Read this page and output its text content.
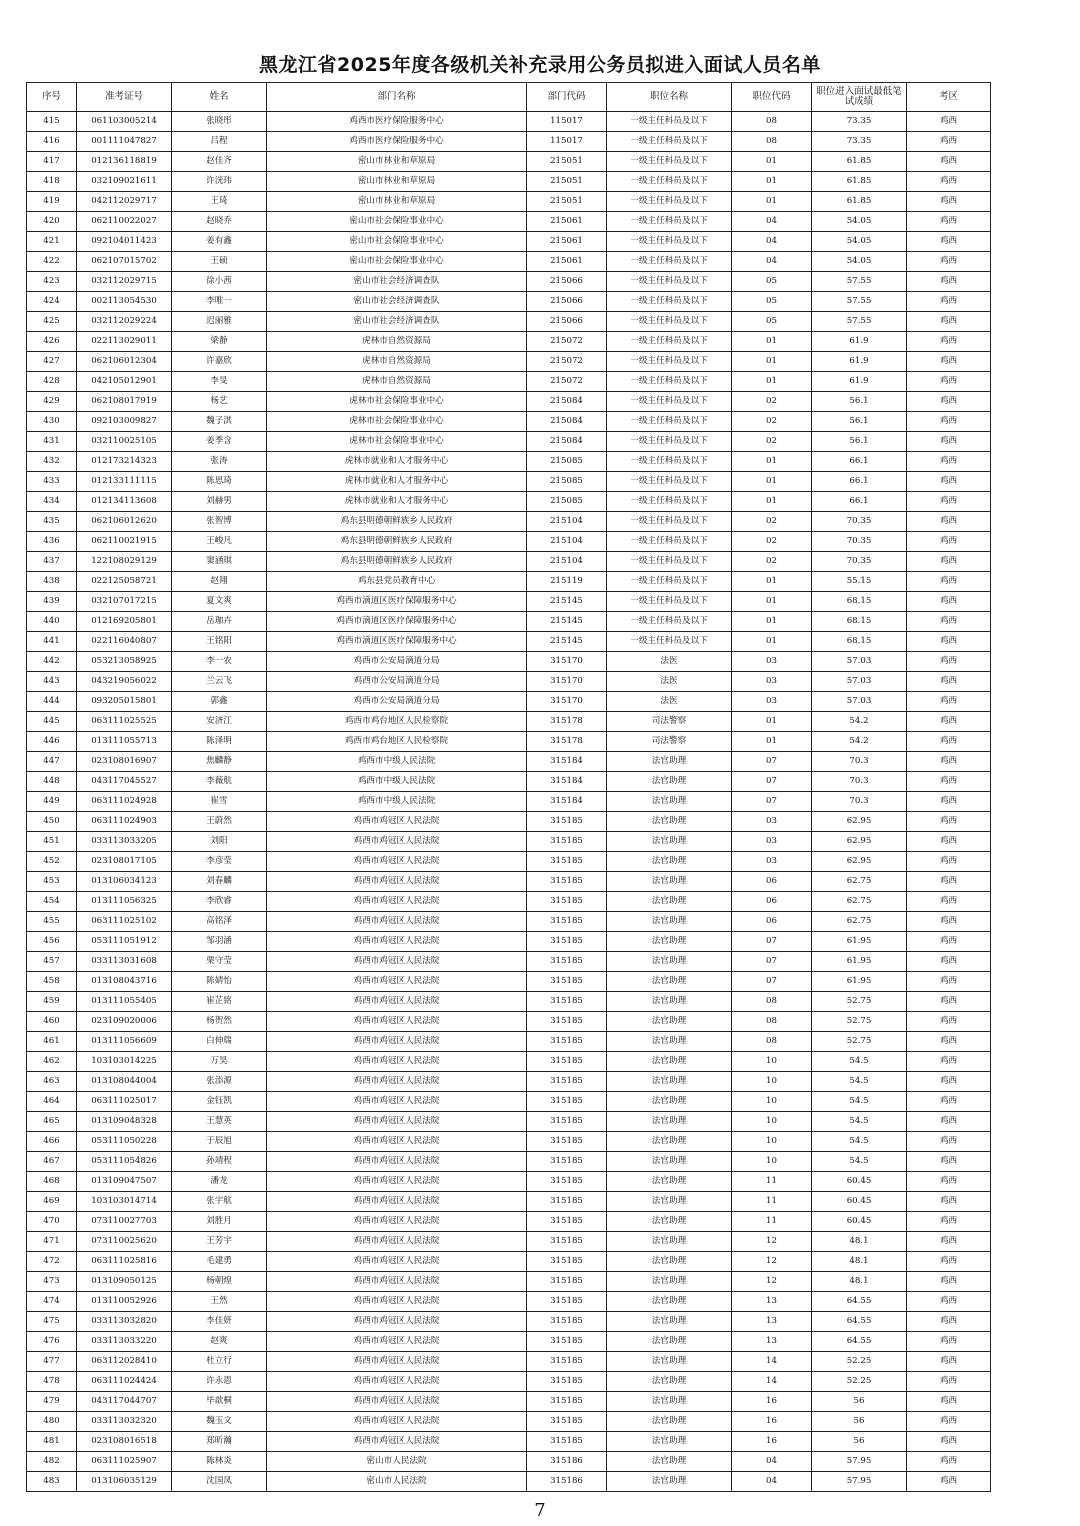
黑龙江省2025年度各级机关补充录用公务员拟进入面试人员名单
序号	准考证号	姓名	部门名称	部门代码	职位名称	职位代码	职位进入面试最低笔试成绩	考区
415	061103005214	张晓彤	鸡西市医疗保险服务中心	115017	一级主任科员及以下	08	73.35	鸡西
416	001111047827	吕程	鸡西市医疗保险服务中心	115017	一级主任科员及以下	08	73.35	鸡西
417	012136118819	赵佳齐	密山市林业和草原局	215051	一级主任科员及以下	01	61.85	鸡西
418	032109021611	许洸玮	密山市林业和草原局	215051	一级主任科员及以下	01	61.85	鸡西
419	042112029717	王琦	密山市林业和草原局	215051	一级主任科员及以下	01	61.85	鸡西
420	062110022027	赵晓乔	密山市社会保险事业中心	215061	一级主任科员及以下	04	54.05	鸡西
421	092104011423	姜有鑫	密山市社会保险事业中心	215061	一级主任科员及以下	04	54.05	鸡西
422	062107015702	王硕	密山市社会保险事业中心	215061	一级主任科员及以下	04	54.05	鸡西
423	032112029715	徐小茜	密山市社会经济调查队	215066	一级主任科员及以下	05	57.55	鸡西
424	002113054530	李唯一	密山市社会经济调查队	215066	一级主任科员及以下	05	57.55	鸡西
425	032112029224	迟丽雅	密山市社会经济调查队	215066	一级主任科员及以下	05	57.55	鸡西
426	022113029011	梁静	虎林市自然资源局	215072	一级主任科员及以下	01	61.9	鸡西
427	062106012304	许嘉欣	虎林市自然资源局	215072	一级主任科员及以下	01	61.9	鸡西
428	042105012901	李旻	虎林市自然资源局	215072	一级主任科员及以下	01	61.9	鸡西
429	062108017919	杨艺	虎林市社会保险事业中心	215084	一级主任科员及以下	02	56.1	鸡西
430	092103009827	魏子淇	虎林市社会保险事业中心	215084	一级主任科员及以下	02	56.1	鸡西
431	032110025105	姜季含	虎林市社会保险事业中心	215084	一级主任科员及以下	02	56.1	鸡西
432	012173214323	张涛	虎林市就业和人才服务中心	215085	一级主任科员及以下	01	66.1	鸡西
433	012133111115	陈思琦	虎林市就业和人才服务中心	215085	一级主任科员及以下	01	66.1	鸡西
434	012134113608	刘赫男	虎林市就业和人才服务中心	215085	一级主任科员及以下	01	66.1	鸡西
435	062106012620	张智博	鸡东县明德朝鲜族乡人民政府	215104	一级主任科员及以下	02	70.35	鸡西
436	062110021915	王峻凡	鸡东县明德朝鲜族乡人民政府	215104	一级主任科员及以下	02	70.35	鸡西
437	122108029129	窦涵琪	鸡东县明德朝鲜族乡人民政府	215104	一级主任科员及以下	02	70.35	鸡西
438	022125058721	赵翔	鸡东县党员教育中心	215119	一级主任科员及以下	01	55.15	鸡西
439	032107017215	夏文爽	鸡西市滴道区医疗保障服务中心	215145	一级主任科员及以下	01	68.15	鸡西
440	012169205801	岳珈卉	鸡西市滴道区医疗保障服务中心	215145	一级主任科员及以下	01	68.15	鸡西
441	022116040807	王铭阳	鸡西市滴道区医疗保障服务中心	215145	一级主任科员及以下	01	68.15	鸡西
442	053213058925	李一农	鸡西市公安局滴道分局	315170	法医	03	57.03	鸡西
443	043219056022	兰云飞	鸡西市公安局滴道分局	315170	法医	03	57.03	鸡西
444	093205015801	郭鑫	鸡西市公安局滴道分局	315170	法医	03	57.03	鸡西
445	063111025525	安济江	鸡西市鸡台地区人民检察院	315178	司法警察	01	54.2	鸡西
446	013111055713	陈泽明	鸡西市鸡台地区人民检察院	315178	司法警察	01	54.2	鸡西
447	023108016907	焦麟静	鸡西市中级人民法院	315184	法官助理	07	70.3	鸡西
448	043117045527	李薇航	鸡西市中级人民法院	315184	法官助理	07	70.3	鸡西
449	063111024928	崔雪	鸡西市中级人民法院	315184	法官助理	07	70.3	鸡西
450	063111024903	王蔚然	鸡西市鸡冠区人民法院	315185	法官助理	03	62.95	鸡西
451	033113033205	刘阳	鸡西市鸡冠区人民法院	315185	法官助理	03	62.95	鸡西
452	023108017105	李彦莹	鸡西市鸡冠区人民法院	315185	法官助理	03	62.95	鸡西
453	013106034123	刘春麟	鸡西市鸡冠区人民法院	315185	法官助理	06	62.75	鸡西
454	013111056325	李欣睿	鸡西市鸡冠区人民法院	315185	法官助理	06	62.75	鸡西
455	063111025102	高铭泽	鸡西市鸡冠区人民法院	315185	法官助理	06	62.75	鸡西
456	053111051912	邹羽涵	鸡西市鸡冠区人民法院	315185	法官助理	07	61.95	鸡西
457	033113031608	栗守莹	鸡西市鸡冠区人民法院	315185	法官助理	07	61.95	鸡西
458	013108043716	陈婧怡	鸡西市鸡冠区人民法院	315185	法官助理	07	61.95	鸡西
459	013111055405	崔芷铭	鸡西市鸡冠区人民法院	315185	法官助理	08	52.75	鸡西
460	023109020006	杨贺然	鸡西市鸡冠区人民法院	315185	法官助理	08	52.75	鸡西
461	013111056609	白伸瑞	鸡西市鸡冠区人民法院	315185	法官助理	08	52.75	鸡西
462	103103014225	万昊	鸡西市鸡冠区人民法院	315185	法官助理	10	54.5	鸡西
463	013108044004	张添源	鸡西市鸡冠区人民法院	315185	法官助理	10	54.5	鸡西
464	063111025017	金钰凯	鸡西市鸡冠区人民法院	315185	法官助理	10	54.5	鸡西
465	013109048328	王慧英	鸡西市鸡冠区人民法院	315185	法官助理	10	54.5	鸡西
466	053111050228	于辰旭	鸡西市鸡冠区人民法院	315185	法官助理	10	54.5	鸡西
467	053111054826	孙靖程	鸡西市鸡冠区人民法院	315185	法官助理	10	54.5	鸡西
468	013109047507	潘龙	鸡西市鸡冠区人民法院	315185	法官助理	11	60.45	鸡西
469	103103014714	张宇航	鸡西市鸡冠区人民法院	315185	法官助理	11	60.45	鸡西
470	073110027703	刘胜月	鸡西市鸡冠区人民法院	315185	法官助理	11	60.45	鸡西
471	073110025620	王芳宇	鸡西市鸡冠区人民法院	315185	法官助理	12	48.1	鸡西
472	063111025816	毛建勇	鸡西市鸡冠区人民法院	315185	法官助理	12	48.1	鸡西
473	013109050125	杨朝煌	鸡西市鸡冠区人民法院	315185	法官助理	12	48.1	鸡西
474	013110052926	王然	鸡西市鸡冠区人民法院	315185	法官助理	13	64.55	鸡西
475	033113032820	李佳妍	鸡西市鸡冠区人民法院	315185	法官助理	13	64.55	鸡西
476	033113033220	赵爽	鸡西市鸡冠区人民法院	315185	法官助理	13	64.55	鸡西
477	063112028410	杜立行	鸡西市鸡冠区人民法院	315185	法官助理	14	52.25	鸡西
478	063111024424	许永恩	鸡西市鸡冠区人民法院	315185	法官助理	14	52.25	鸡西
479	043117044707	毕歆桐	鸡西市鸡冠区人民法院	315185	法官助理	16	56	鸡西
480	033113032320	魏玉文	鸡西市鸡冠区人民法院	315185	法官助理	16	56	鸡西
481	023108016518	郑昕瀚	鸡西市鸡冠区人民法院	315185	法官助理	16	56	鸡西
482	063111025907	陈林炎	密山市人民法院	315186	法官助理	04	57.95	鸡西
483	013106035129	沈国凤	密山市人民法院	315186	法官助理	04	57.95	鸡西
7
